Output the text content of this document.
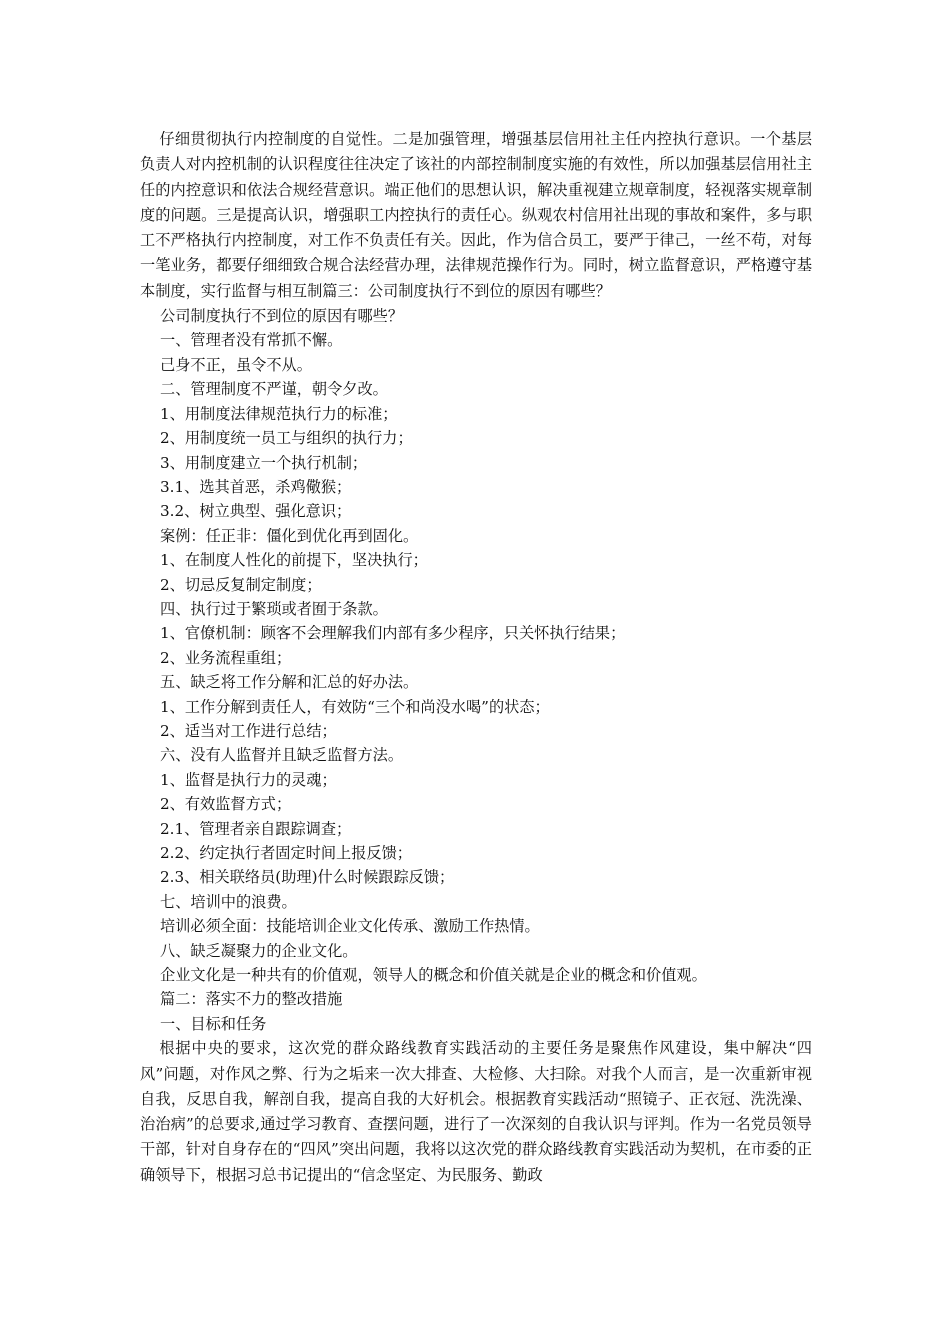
仔细贯彻执行内控制度的自觉性。二是加强管理，增强基层信用社主任内控执行意识。一个基层负责人对内控机制的认识程度往往决定了该社的内部控制制度实施的有效性，所以加强基层信用社主任的内控意识和依法合规经营意识。端正他们的思想认识，解决重视建立规章制度，轻视落实规章制度的问题。三是提高认识，增强职工内控执行的责任心。纵观农村信用社出现的事故和案件，多与职工不严格执行内控制度，对工作不负责任有关。因此，作为信合员工，要严于律己，一丝不苟，对每一笔业务，都要仔细细致合规合法经营办理，法律规范操作行为。同时，树立监督意识，严格遵守基本制度，实行监督与相互制篇三：公司制度执行不到位的原因有哪些？

公司制度执行不到位的原因有哪些？

一、管理者没有常抓不懈。

己身不正，虽令不从。

二、管理制度不严谨，朝令夕改。

1、用制度法律规范执行力的标准；

2、用制度统一员工与组织的执行力；

3、用制度建立一个执行机制；

3.1、选其首恶，杀鸡儆猴；

3.2、树立典型、强化意识；

案例：任正非：僵化到优化再到固化。

1、在制度人性化的前提下，坚决执行；

2、切忌反复制定制度；

四、执行过于繁琐或者囿于条款。

1、官僚机制：顾客不会理解我们内部有多少程序，只关怀执行结果；

2、业务流程重组；

五、缺乏将工作分解和汇总的好办法。

1、工作分解到责任人，有效防“三个和尚没水喝”的状态；

2、适当对工作进行总结；

六、没有人监督并且缺乏监督方法。

1、监督是执行力的灵魂；

2、有效监督方式；

2.1、管理者亲自跟踪调查；

2.2、约定执行者固定时间上报反馈；

2.3、相关联络员(助理)什么时候跟踪反馈；

七、培训中的浪费。

培训必须全面：技能培训企业文化传承、激励工作热情。

八、缺乏凝聚力的企业文化。

企业文化是一种共有的价值观，领导人的概念和价值关就是企业的概念和价值观。

篇二：落实不力的整改措施

一、目标和任务

根据中央的要求，这次党的群众路线教育实践活动的主要任务是聚焦作风建设，集中解决“四风”问题，对作风之弊、行为之垢来一次大排查、大检修、大扫除。对我个人而言，是一次重新审视自我，反思自我，解剖自我，提高自我的大好机会。根据教育实践活动“照镜子、正衣冠、洗洗澡、治治病”的总要求,通过学习教育、查摆问题，进行了一次深刻的自我认识与评判。作为一名党员领导干部，针对自身存在的“四风”突出问题，我将以这次党的群众路线教育实践活动为契机，在市委的正确领导下，根据习总书记提出的“信念坚定、为民服务、勤政
